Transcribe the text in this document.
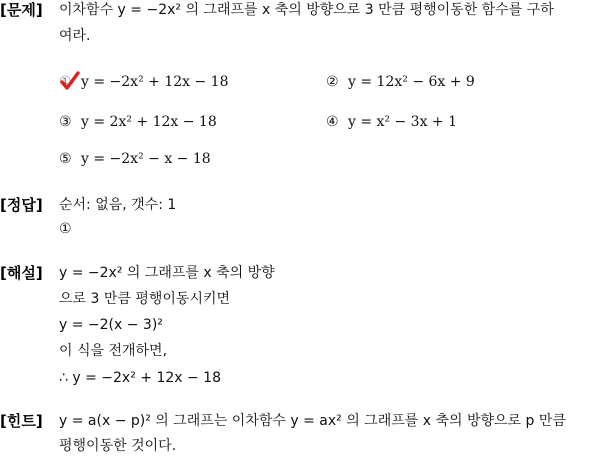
[문제] 이차함수 y = −2x² 의 그래프를 x 축의 방향으로 3 만큼 평행이동한 함수를 구하
여라.
① y = −2x² + 12x − 18	② y = 12x² − 6x + 9
③ y = 2x² + 12x − 18	④ y = x² − 3x + 1
⑤ y = −2x² − x − 18
[정답] 순서: 없음, 갯수: 1
①
[해설] y = −2x² 의 그래프를 x 축의 방향
으로 3 만큼 평행이동시키면
y = −2(x − 3)²
이 식을 전개하면,
∴ y = −2x² + 12x − 18
[힌트] y = a(x − p)² 의 그래프는 이차함수 y = ax² 의 그래프를 x 축의 방향으로 p 만큼
평행이동한 것이다.
